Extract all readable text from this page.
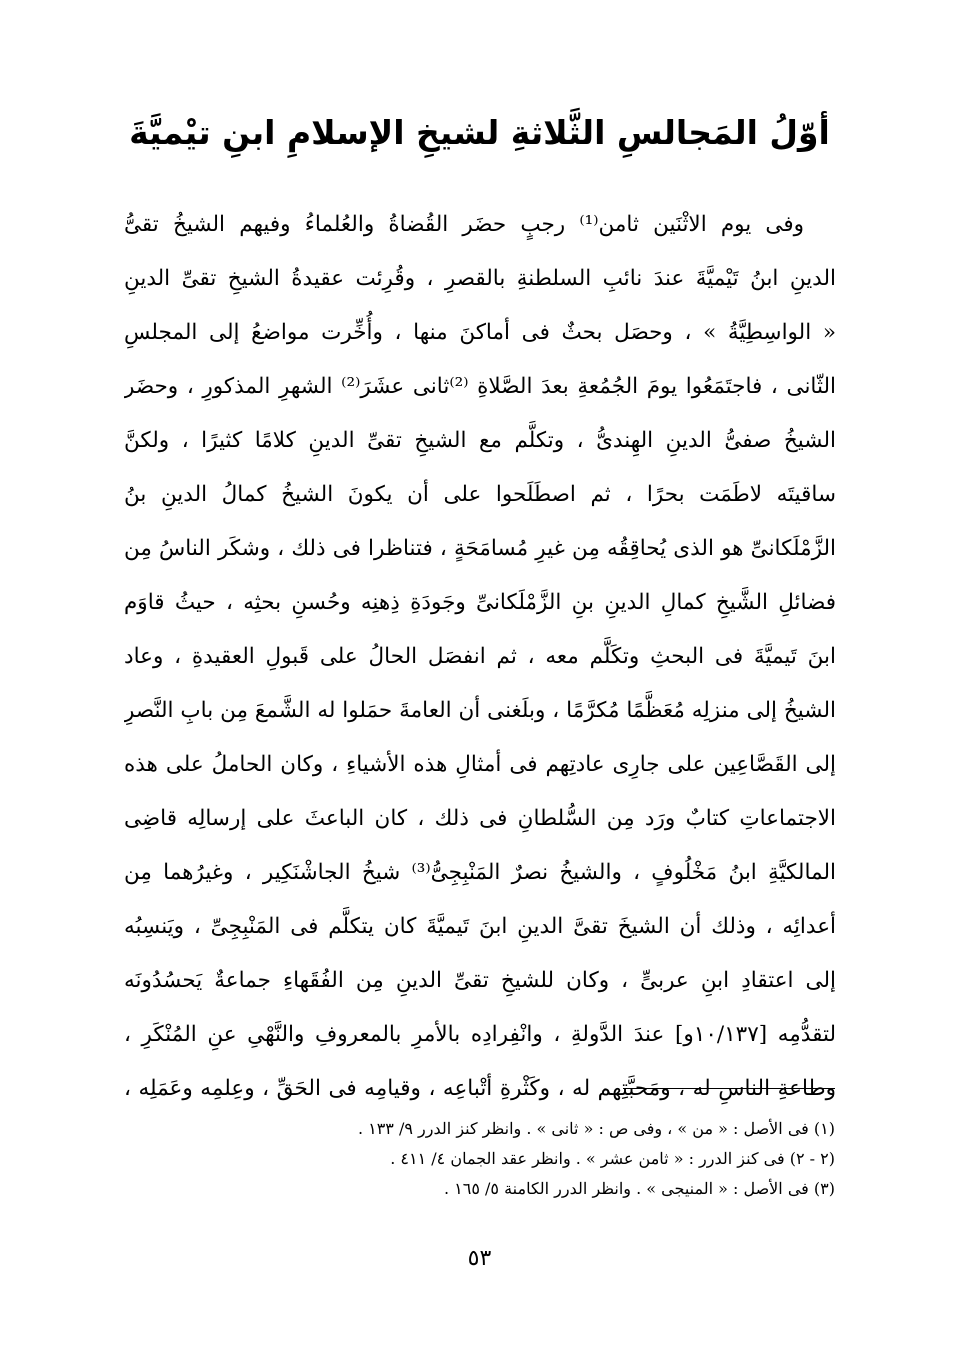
أوّلُ المَجالسِ الثَّلاثةِ لشيخِ الإسلامِ ابنِ تيْميَّةَ
وفى يوم الاثْنَين ثامن⁽¹⁾ رجبٍ حضَر القُضاةُ والعُلماءُ وفيهم الشيخُ تقىُّ
الدينِ ابنُ تَيْميَّةَ عندَ نائبِ السلطنةِ بالقصرِ ، وقُرِئت عقيدةُ الشيخِ تقىِّ الدينِ
« الواسِطِيَّةُ » ، وحصَل بحثٌ فى أماكنَ منها ، وأُخِّرت مواضعُ إلى المجلسِ
الثّانى ، فاجتَمَعُوا يومَ الجُمُعةِ بعدَ الصَّلاةِ ⁽²⁾ثانى عشَرَ⁽²⁾ الشهرِ المذكورِ ، وحضَر
الشيخُ صفىُّ الدينِ الهِندىُّ ، وتكلَّم مع الشيخِ تقىِّ الدينِ كلامًا كثيرًا ، ولكنَّ
ساقيتَه لاطَمَت بحرًا ، ثم اصطَلَحوا على أن يكونَ الشيخُ كمالُ الدينِ بنُ
الزَّمْلَكانىِّ هو الذى يُحاقِقُه مِن غيرِ مُسامَحَةٍ ، فتناظرا فى ذلك ، وشكَر الناسُ مِن
فضائلِ الشَّيخِ كمالِ الدينِ بنِ الزَّمْلَكانىِّ وجَودَةِ ذِهنِه وحُسنِ بحثِه ، حيثُ قاوَم
ابنَ تَيميَّةَ فى البحثِ وتكَلَّم معه ، ثم انفصَل الحالُ على قَبولِ العقيدةِ ، وعاد
الشيخُ إلى منزلِه مُعَظَّمًا مُكرَّمًا ، وبلَغنى أن العامةَ حمَلوا له الشَّمعَ مِن بابِ النَّصرِ
إلى القَصَّاعِين على جارِى عادتِهم فى أمثالِ هذه الأشياءِ ، وكان الحاملُ على هذه
الاجتماعاتِ كتابٌ ورَد مِن السُّلطانِ فى ذلك ، كان الباعثَ على إرسالِه قاضِى
المالكيَّةِ ابنُ مَخْلُوفٍ ، والشيخُ نصرٌ المَنْبِجِىُّ⁽³⁾ شيخُ الجاشْنَكِير ، وغيرُهما مِن
أعدائِه ، وذلك أن الشيخَ تقىَّ الدينِ ابنَ تَيميَّةَ كان يتكلَّم فى المَنْبِجِىِّ ، ويَنسِبُه
إلى اعتقادِ ابنِ عربىٍّ ، وكان للشيخِ تقىِّ الدينِ مِن الفُقَهاءِ جماعةٌ يَحسُدُونَه
لتقدُّمِه [١٠/١٣٧و] عندَ الدَّولةِ ، وانْفِرادِه بالأمرِ بالمعروفِ والنَّهْىِ عنِ المُنْكَرِ ،
وطاعةِ الناسِ له ، ومَحبَّتِهم له ، وكَثْرةِ أتْباعِه ، وقيامِه فى الحَقِّ ، وعِلمِه وعَمَلِه ،
(١) فى الأصل : « من » ، وفى ص : « ثانى » . وانظر كنز الدرر ٩/ ١٣٣ .
(٢ - ٢) فى كنز الدرر : « ثامن عشر » . وانظر عقد الجمان ٤/ ٤١١ .
(٣) فى الأصل : « المنيجى » . وانظر الدرر الكامنة ٥/ ١٦٥ .
٥٣
